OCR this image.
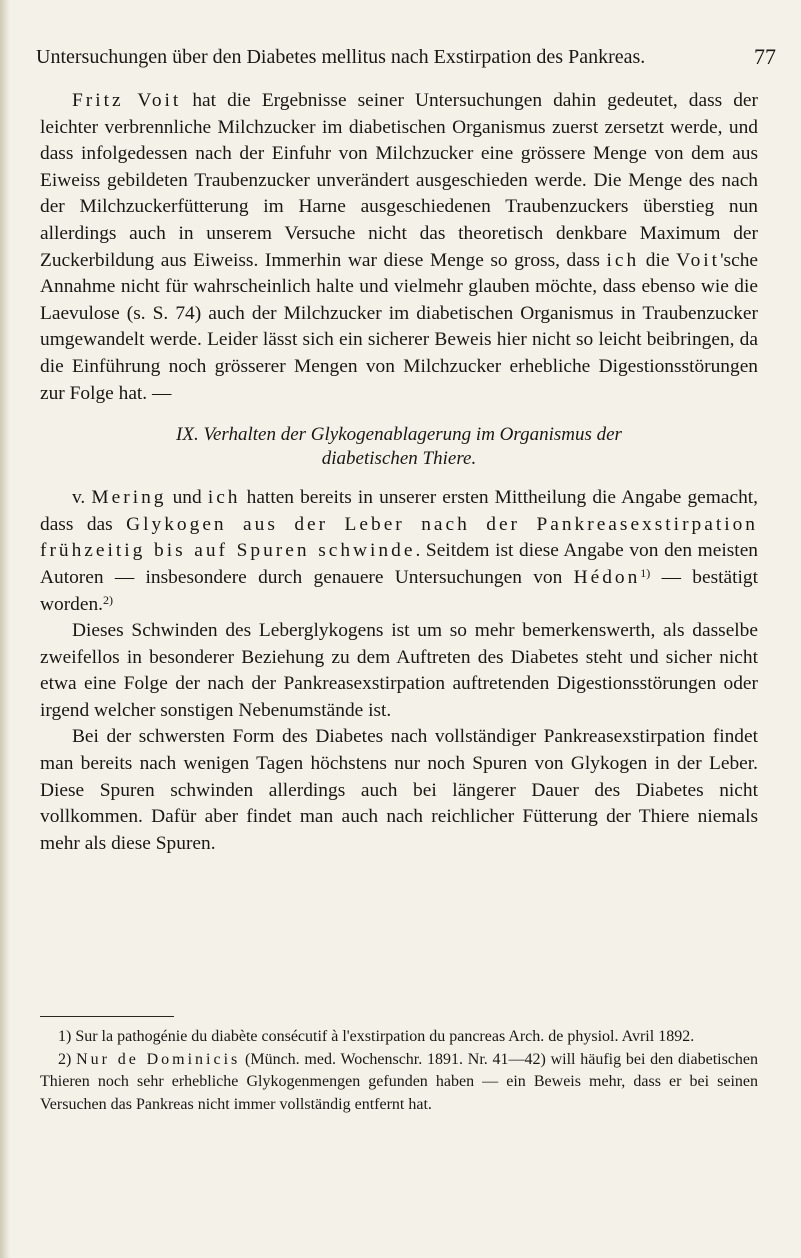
Untersuchungen über den Diabetes mellitus nach Exstirpation des Pankreas.	77

Fritz Voit hat die Ergebnisse seiner Untersuchungen dahin gedeutet, dass der leichter verbrennliche Milchzucker im diabetischen Organismus zuerst zersetzt werde, und dass infolgedessen nach der Einfuhr von Milchzucker eine grössere Menge von dem aus Eiweiss gebildeten Traubenzucker unverändert ausgeschieden werde. Die Menge des nach der Milchzuckerfütterung im Harne ausgeschiedenen Traubenzuckers überstieg nun allerdings auch in unserem Versuche nicht das theoretisch denkbare Maximum der Zuckerbildung aus Eiweiss. Immerhin war diese Menge so gross, dass ich die Voit'sche Annahme nicht für wahrscheinlich halte und vielmehr glauben möchte, dass ebenso wie die Laevulose (s. S. 74) auch der Milchzucker im diabetischen Organismus in Traubenzucker umgewandelt werde. Leider lässt sich ein sicherer Beweis hier nicht so leicht beibringen, da die Einführung noch grösserer Mengen von Milchzucker erhebliche Digestionsstörungen zur Folge hat. —

IX. Verhalten der Glykogenablagerung im Organismus der
diabetischen Thiere.

v. Mering und ich hatten bereits in unserer ersten Mittheilung die Angabe gemacht, dass das Glykogen aus der Leber nach der Pankreasexstirpation frühzeitig bis auf Spuren schwinde. Seitdem ist diese Angabe von den meisten Autoren — insbesondere durch genauere Untersuchungen von Hédon$^{1)}$ — bestätigt worden.$^{2)}$

Dieses Schwinden des Leberglykogens ist um so mehr bemerkenswerth, als dasselbe zweifellos in besonderer Beziehung zu dem Auftreten des Diabetes steht und sicher nicht etwa eine Folge der nach der Pankreasexstirpation auftretenden Digestionsstörungen oder irgend welcher sonstigen Nebenumstände ist.

Bei der schwersten Form des Diabetes nach vollständiger Pankreasexstirpation findet man bereits nach wenigen Tagen höchstens nur noch Spuren von Glykogen in der Leber. Diese Spuren schwinden allerdings auch bei längerer Dauer des Diabetes nicht vollkommen. Dafür aber findet man auch nach reichlicher Fütterung der Thiere niemals mehr als diese Spuren.

1) Sur la pathogénie du diabète consécutif à l'exstirpation du pancreas Arch. de physiol. Avril 1892.

2) Nur de Dominicis (Münch. med. Wochenschr. 1891. Nr. 41—42) will häufig bei den diabetischen Thieren noch sehr erhebliche Glykogenmengen gefunden haben — ein Beweis mehr, dass er bei seinen Versuchen das Pankreas nicht immer vollständig entfernt hat.
